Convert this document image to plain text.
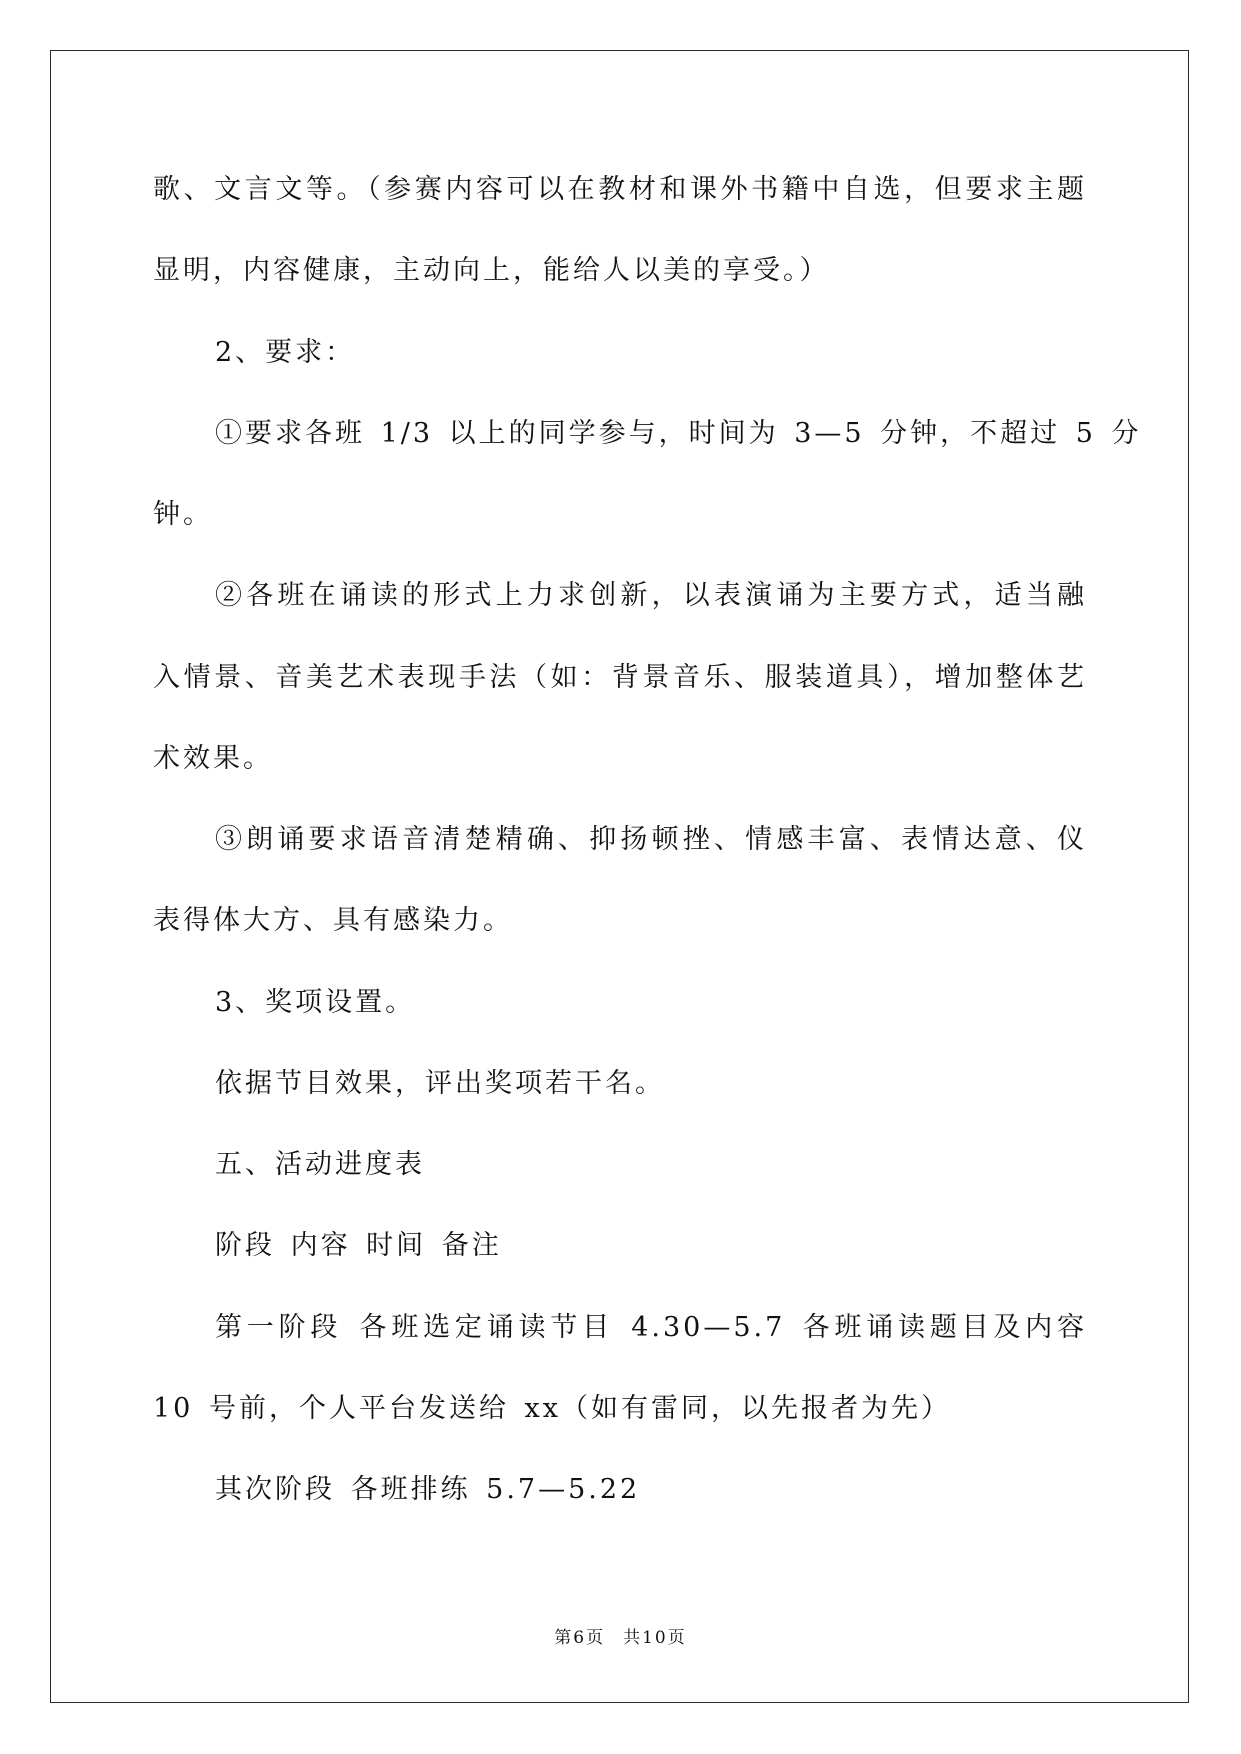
歌、文言文等。（参赛内容可以在教材和课外书籍中自选，但要求主题
显明，内容健康，主动向上，能给人以美的享受。）
2、要求：
①要求各班 1/3 以上的同学参与，时间为 3—5 分钟，不超过 5 分
钟。
②各班在诵读的形式上力求创新，以表演诵为主要方式，适当融
入情景、音美艺术表现手法（如：背景音乐、服装道具），增加整体艺
术效果。
③朗诵要求语音清楚精确、抑扬顿挫、情感丰富、表情达意、仪
表得体大方、具有感染力。
3、奖项设置。
依据节目效果，评出奖项若干名。
五、活动进度表
阶段 内容 时间 备注
第一阶段 各班选定诵读节目 4.30—5.7 各班诵读题目及内容
10 号前，个人平台发送给 xx（如有雷同，以先报者为先）
其次阶段 各班排练 5.7—5.22
第6页 共10页
